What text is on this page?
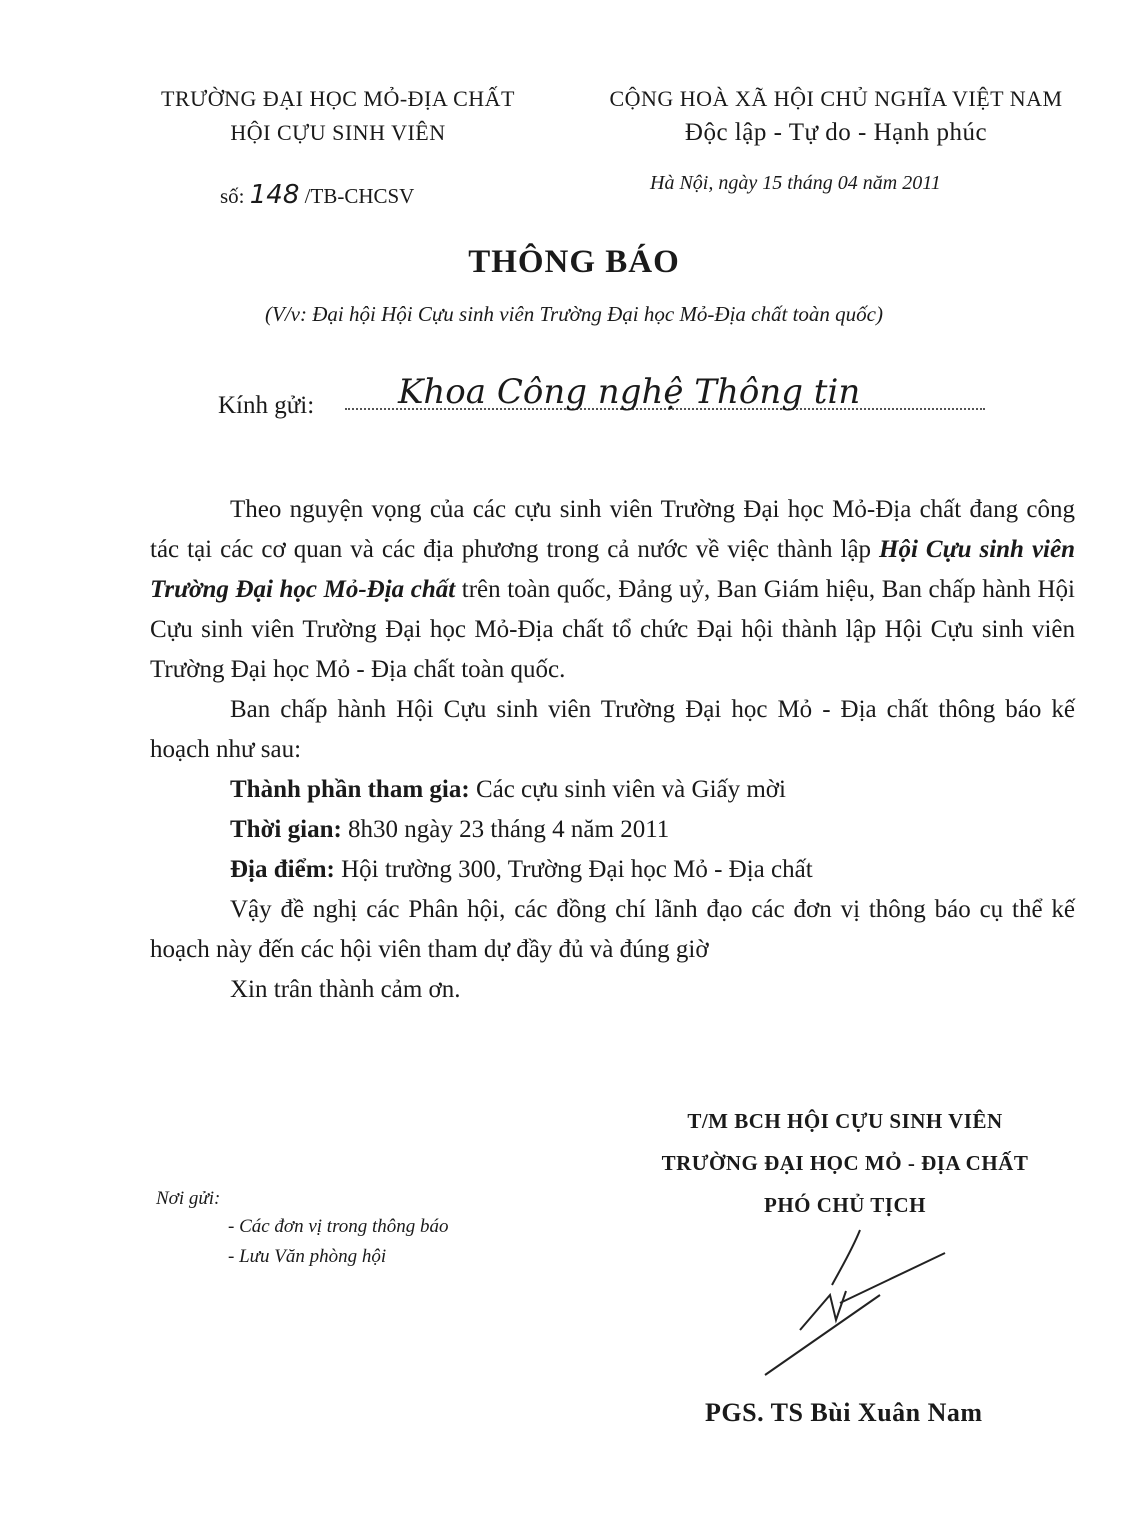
TRƯỜNG ĐẠI HỌC MỎ-ĐỊA CHẤT
HỘI CỰU SINH VIÊN
CỘNG HOÀ XÃ HỘI CHỦ NGHĨA VIỆT NAM
Độc lập - Tự do - Hạnh phúc
số: 148 /TB-CHCSV
Hà Nội, ngày 15 tháng 04 năm 2011
THÔNG BÁO
(V/v: Đại hội Hội Cựu sinh viên Trường Đại học Mỏ-Địa chất toàn quốc)
Kính gửi: Khoa Công nghệ Thông tin

Theo nguyện vọng của các cựu sinh viên Trường Đại học Mỏ-Địa chất đang công tác tại các cơ quan và các địa phương trong cả nước về việc thành lập Hội Cựu sinh viên Trường Đại học Mỏ-Địa chất trên toàn quốc, Đảng uỷ, Ban Giám hiệu, Ban chấp hành Hội Cựu sinh viên Trường Đại học Mỏ-Địa chất tổ chức Đại hội thành lập Hội Cựu sinh viên Trường Đại học Mỏ - Địa chất toàn quốc.

Ban chấp hành Hội Cựu sinh viên Trường Đại học Mỏ - Địa chất thông báo kế hoạch như sau:

Thành phần tham gia: Các cựu sinh viên và Giấy mời

Thời gian: 8h30 ngày 23 tháng 4 năm 2011

Địa điểm: Hội trường 300, Trường Đại học Mỏ - Địa chất

Vậy đề nghị các Phân hội, các đồng chí lãnh đạo các đơn vị thông báo cụ thể kế hoạch này đến các hội viên tham dự đầy đủ và đúng giờ

Xin trân thành cảm ơn.

T/M BCH HỘI CỰU SINH VIÊN
TRƯỜNG ĐẠI HỌC MỎ - ĐỊA CHẤT
PHÓ CHỦ TỊCH
Nơi gửi:
- Các đơn vị trong thông báo
- Lưu Văn phòng hội
PGS. TS Bùi Xuân Nam
